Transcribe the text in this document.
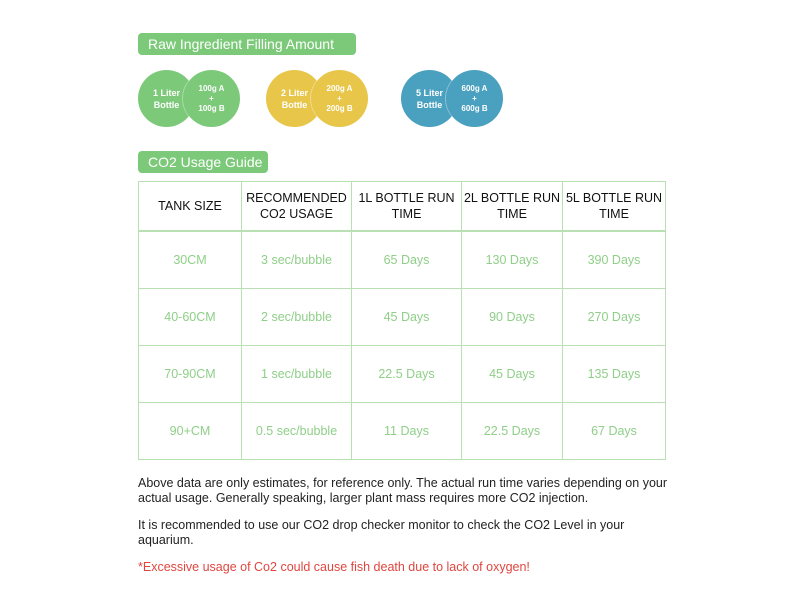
Raw Ingredient Filling Amount
1 Liter
Bottle
100g A
+
100g B
2 Liter
Bottle
200g A
+
200g B
5 Liter
Bottle
600g A
+
600g B
CO2 Usage Guide
TANK SIZE	RECOMMENDED CO2 USAGE	1L BOTTLE RUN TIME	2L BOTTLE RUN TIME	5L BOTTLE RUN TIME
30CM	3 sec/bubble	65 Days	130 Days	390 Days
40-60CM	2 sec/bubble	45 Days	90 Days	270 Days
70-90CM	1 sec/bubble	22.5 Days	45 Days	135 Days
90+CM	0.5 sec/bubble	11 Days	22.5 Days	67 Days

Above data are only estimates, for reference only. The actual run time varies depending on your actual usage. Generally speaking, larger plant mass requires more CO2 injection.

It is recommended to use our CO2 drop checker monitor to check the CO2 Level in your aquarium.

*Excessive usage of Co2 could cause fish death due to lack of oxygen!
